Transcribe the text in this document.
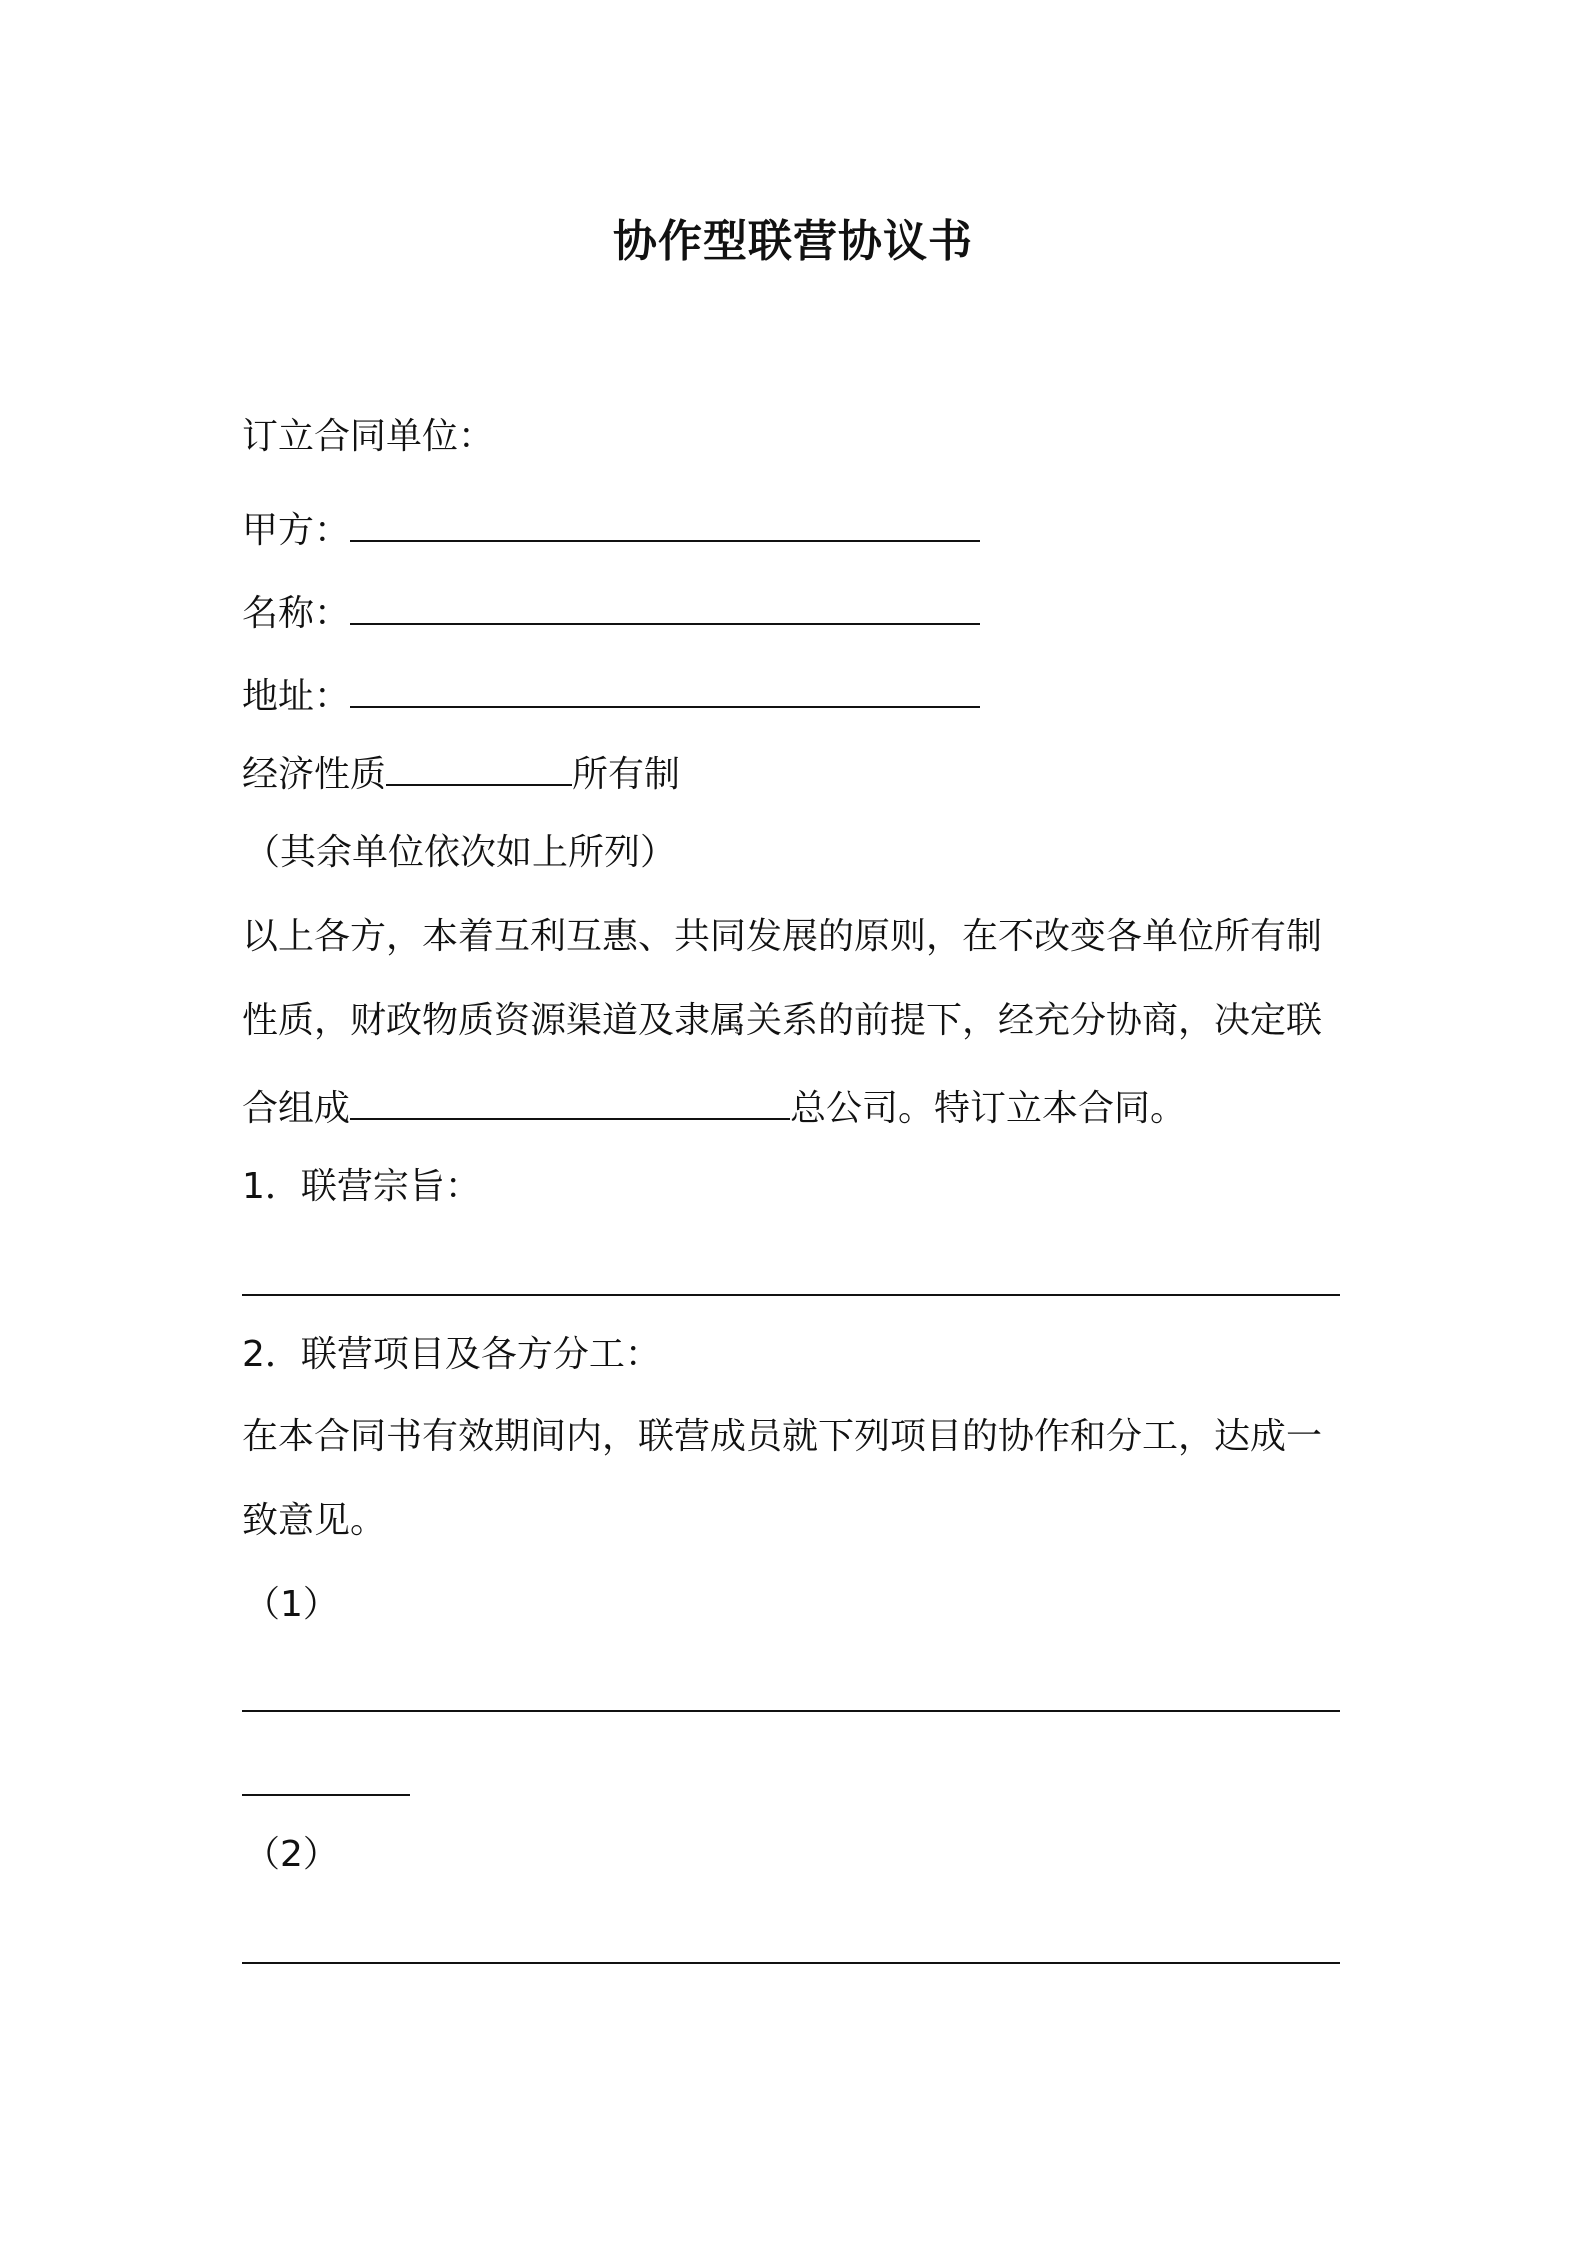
协作型联营协议书
订立合同单位：
甲方：
名称：
地址：
经济性质	所有制
（其余单位依次如上所列）
以上各方，本着互利互惠、共同发展的原则，在不改变各单位所有制
性质，财政物质资源渠道及隶属关系的前提下，经充分协商，决定联
合组成	总公司。特订立本合同。
1．联营宗旨：
2．联营项目及各方分工：
在本合同书有效期间内，联营成员就下列项目的协作和分工，达成一
致意见。
（1）
（2）
